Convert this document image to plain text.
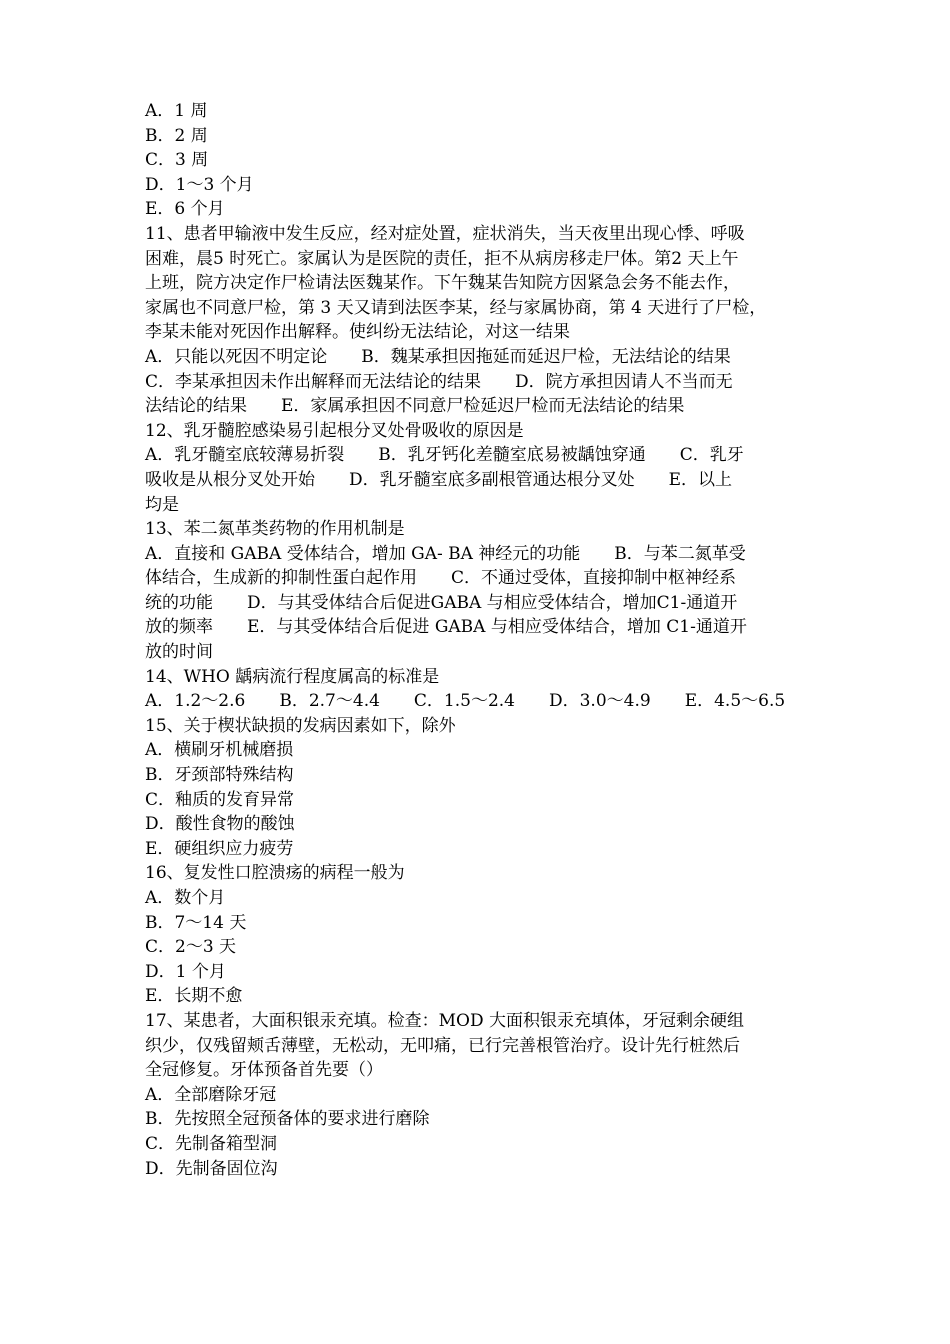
A．1 周
B．2 周
C．3 周
D．1～3 个月
E．6 个月
11、患者甲输液中发生反应，经对症处置，症状消失，当天夜里出现心悸、呼吸
困难，晨5 时死亡。家属认为是医院的责任，拒不从病房移走尸体。第2 天上午
上班，院方决定作尸检请法医魏某作。下午魏某告知院方因紧急会务不能去作，
家属也不同意尸检，第 3 天又请到法医李某，经与家属协商，第 4 天进行了尸检，
李某未能对死因作出解释。使纠纷无法结论，对这一结果
A．只能以死因不明定论　　B．魏某承担因拖延而延迟尸检，无法结论的结果
C．李某承担因未作出解释而无法结论的结果　　D．院方承担因请人不当而无
法结论的结果　　E．家属承担因不同意尸检延迟尸检而无法结论的结果
12、乳牙髓腔感染易引起根分叉处骨吸收的原因是
A．乳牙髓室底较薄易折裂　　B．乳牙钙化差髓室底易被龋蚀穿通　　C．乳牙
吸收是从根分叉处开始　　D．乳牙髓室底多副根管通达根分叉处　　E．以上
均是
13、苯二氮革类药物的作用机制是
A．直接和 GABA 受体结合，增加 GA- BA 神经元的功能　　B．与苯二氮革受
体结合，生成新的抑制性蛋白起作用　　C．不通过受体，直接抑制中枢神经系
统的功能　　D．与其受体结合后促进GABA 与相应受体结合，增加C1-通道开
放的频率　　E．与其受体结合后促进 GABA 与相应受体结合，增加 C1-通道开
放的时间
14、WHO 龋病流行程度属高的标准是
A．1.2～2.6　　B．2.7～4.4　　C．1.5～2.4　　D．3.0～4.9　　E．4.5～6.5
15、关于楔状缺损的发病因素如下，除外
A．横刷牙机械磨损
B．牙颈部特殊结构
C．釉质的发育异常
D．酸性食物的酸蚀
E．硬组织应力疲劳
16、复发性口腔溃疡的病程一般为
A．数个月
B．7～14 天
C．2～3 天
D．1 个月
E．长期不愈
17、某患者，大面积银汞充填。检查：MOD 大面积银汞充填体，牙冠剩余硬组
织少，仅残留颊舌薄壁，无松动，无叩痛，已行完善根管治疗。设计先行桩然后
全冠修复。牙体预备首先要（）
A．全部磨除牙冠
B．先按照全冠预备体的要求进行磨除
C．先制备箱型洞
D．先制备固位沟
